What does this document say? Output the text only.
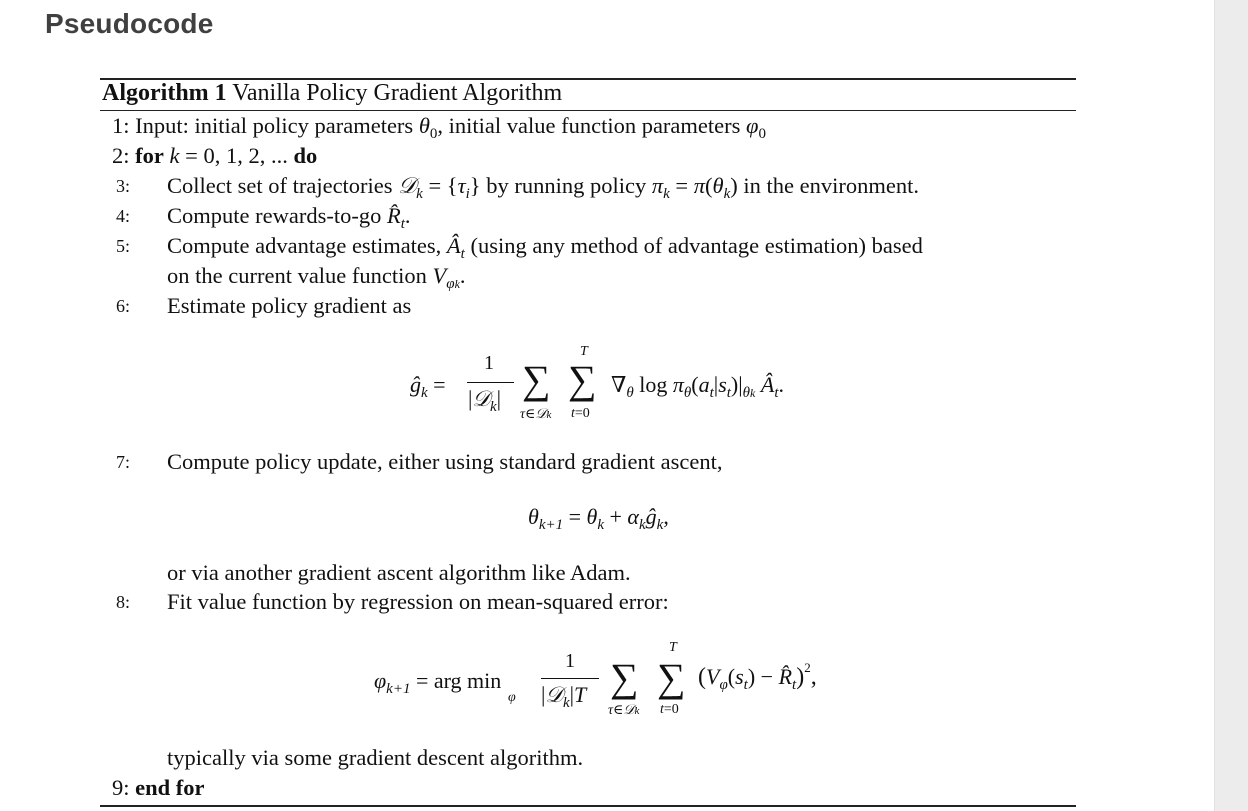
Pseudocode
Algorithm 1 Vanilla Policy Gradient Algorithm
1: Input: initial policy parameters $\theta_0$, initial value function parameters $\varphi_0$
2: for k = 0, 1, 2, ... do
3: Collect set of trajectories 𝒟$_k$ = $\{\tau_i\}$ by running policy $\pi_k = \pi(\theta_k)$ in the environment.
4: Compute rewards-to-go $R̂_t$.
5: Compute advantage estimates, $Â_t$ (using any method of advantage estimation) based
on the current value function $V_{\varphi k}$.
6: Estimate policy gradient as
$ĝ_k$ =
1
|𝒟$_k$| ∑
τ∈𝒟k
∑
T
t=0
$\nabla_\theta$ $\log \pi_\theta(a_t|s_t)|_{\theta k}$ $Â_t$.
7: Compute policy update, either using standard gradient ascent,
$\theta_{k+1} = \theta_k$ + $\alpha_kĝ_k$,
or via another gradient ascent algorithm like Adam.
8: Fit value function by regression on mean-squared error:
$\varphi_{k+1}$ = arg min
φ
1
|𝒟$_k$|T ∑
τ∈𝒟k
∑
T
t=0
($V_\varphi(s_t)$ − $R̂_t)^2$,
typically via some gradient descent algorithm.
9: end for
